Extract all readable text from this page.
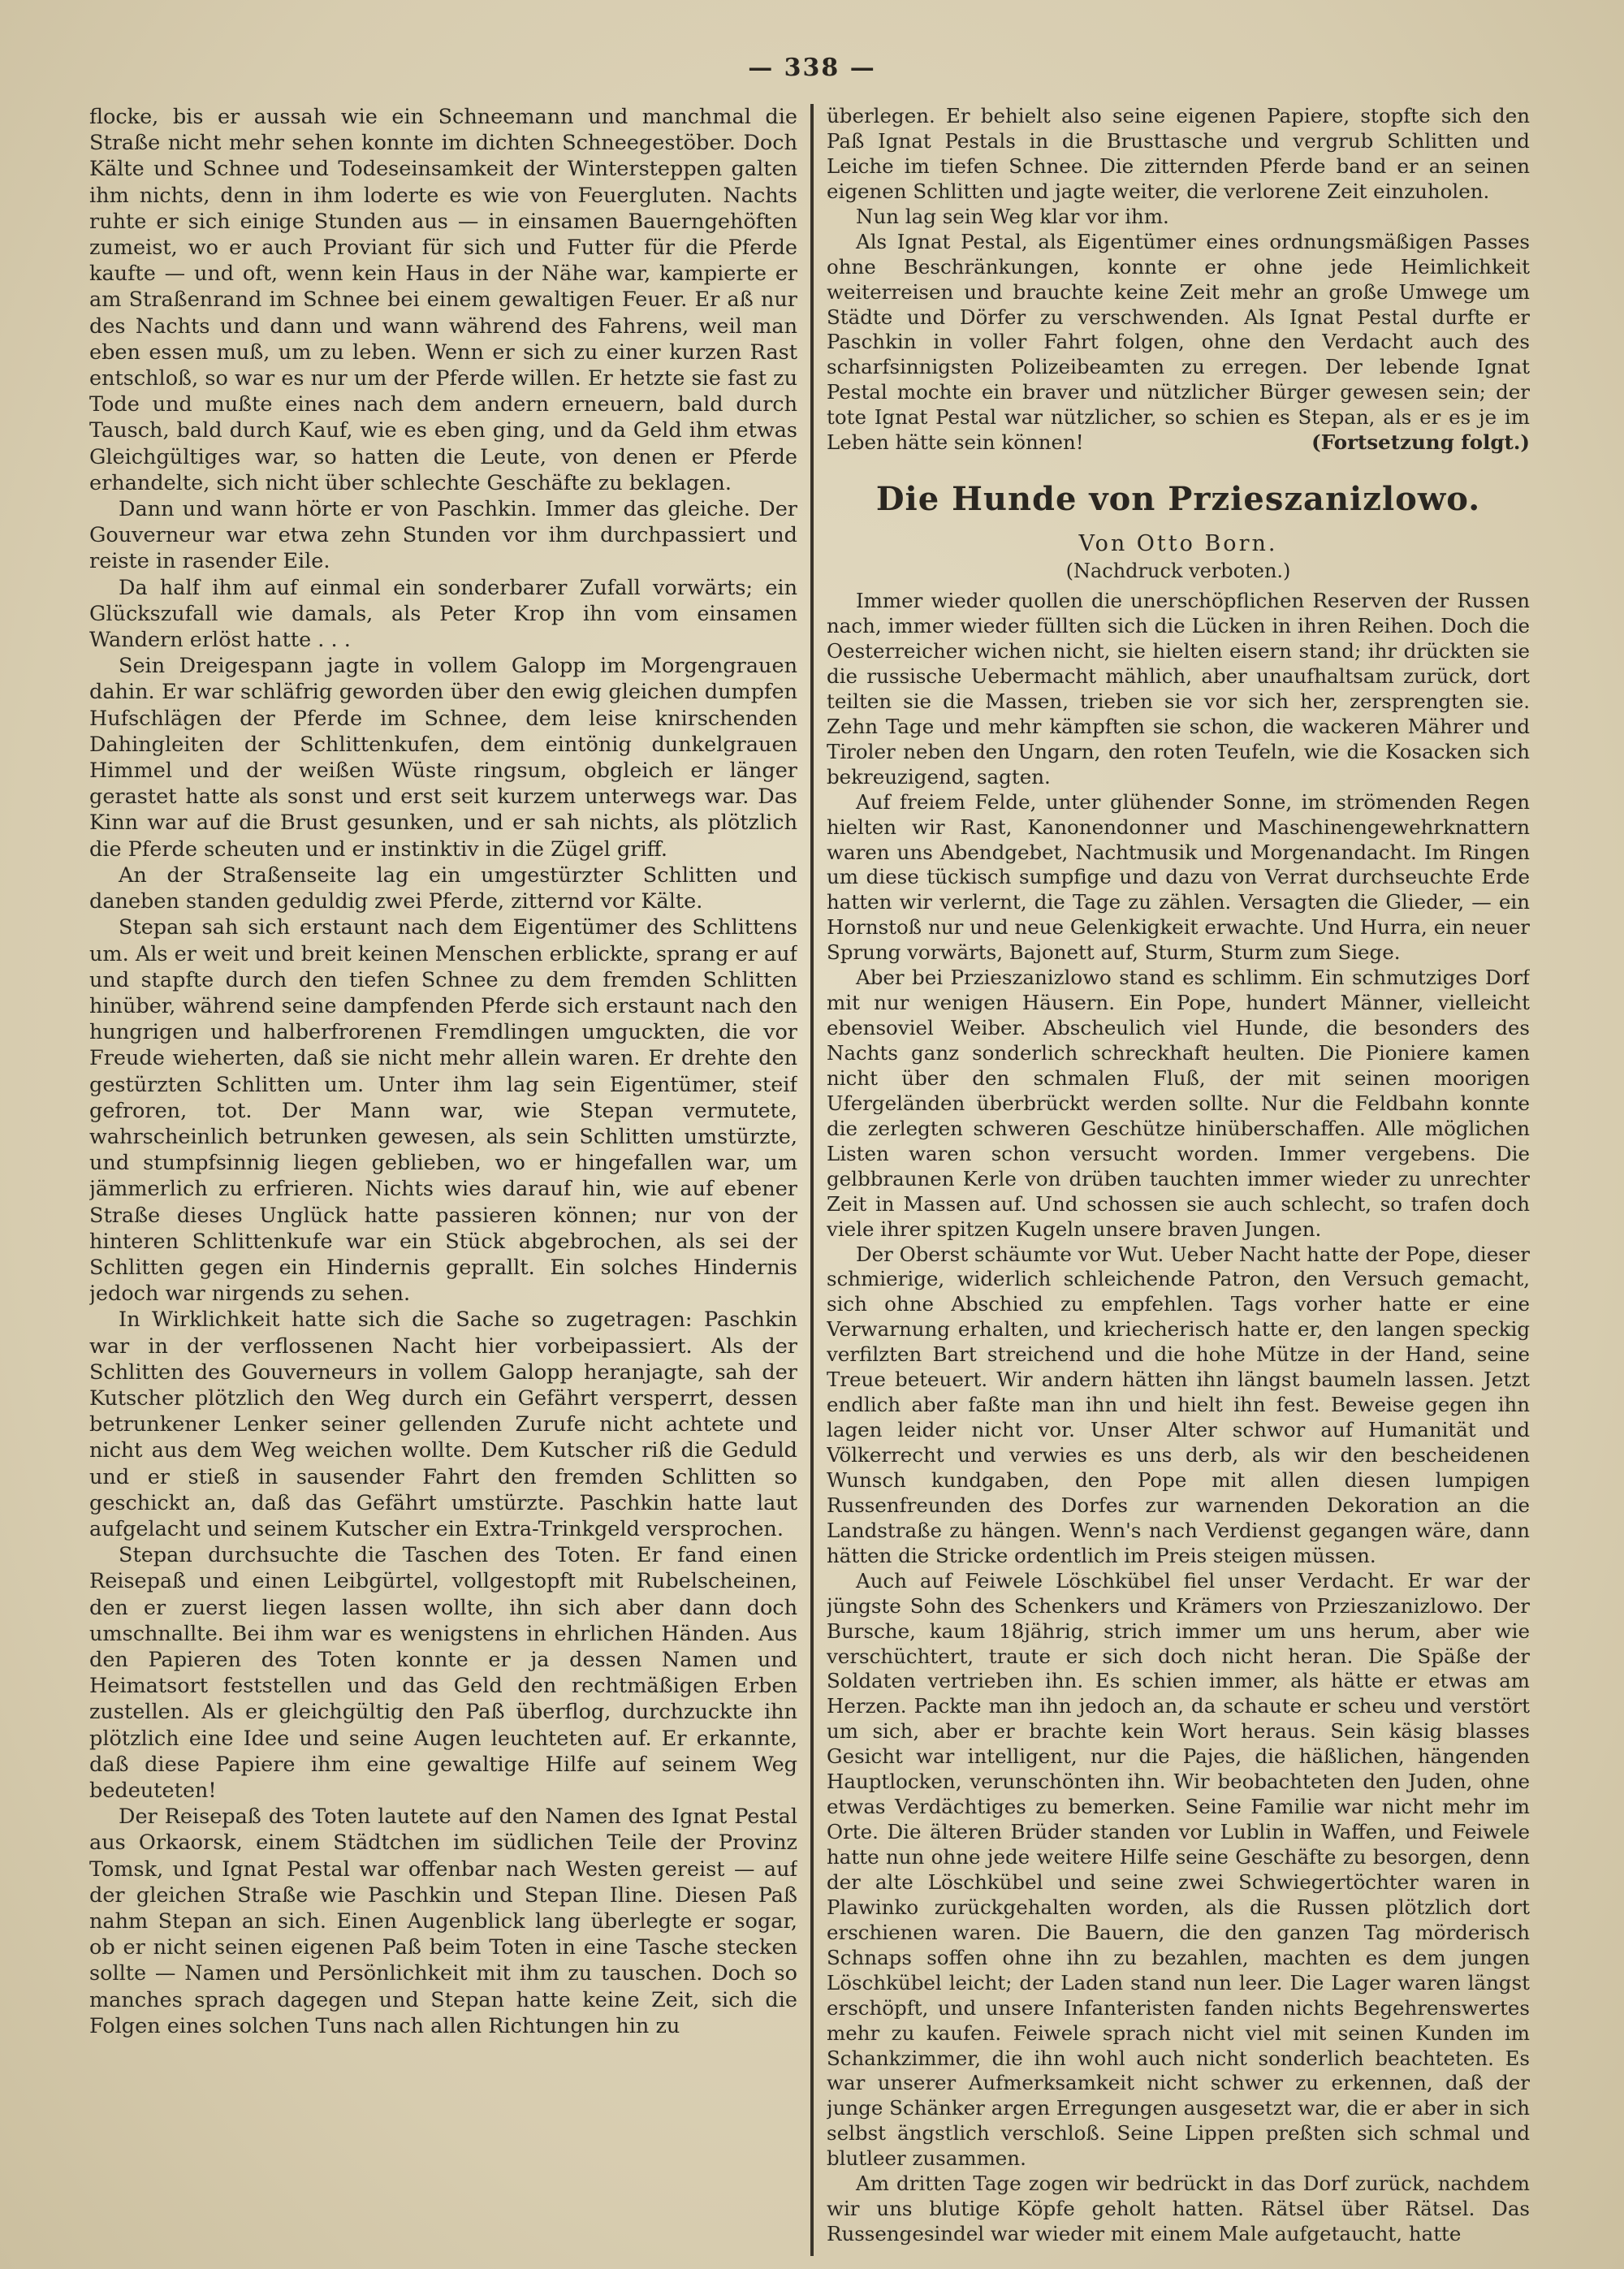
— 338 —

flocke, bis er aussah wie ein Schneemann und manchmal die Straße nicht mehr sehen konnte im dichten Schneegestöber. Doch Kälte und Schnee und Todeseinsamkeit der Wintersteppen galten ihm nichts, denn in ihm loderte es wie von Feuergluten. Nachts ruhte er sich einige Stunden aus — in einsamen Bauerngehöften zumeist, wo er auch Proviant für sich und Futter für die Pferde kaufte — und oft, wenn kein Haus in der Nähe war, kampierte er am Straßenrand im Schnee bei einem gewaltigen Feuer. Er aß nur des Nachts und dann und wann während des Fahrens, weil man eben essen muß, um zu leben. Wenn er sich zu einer kurzen Rast entschloß, so war es nur um der Pferde willen. Er hetzte sie fast zu Tode und mußte eines nach dem andern erneuern, bald durch Tausch, bald durch Kauf, wie es eben ging, und da Geld ihm etwas Gleichgültiges war, so hatten die Leute, von denen er Pferde erhandelte, sich nicht über schlechte Geschäfte zu beklagen.

Dann und wann hörte er von Paschkin. Immer das gleiche. Der Gouverneur war etwa zehn Stunden vor ihm durchpassiert und reiste in rasender Eile.

Da half ihm auf einmal ein sonderbarer Zufall vorwärts; ein Glückszufall wie damals, als Peter Krop ihn vom einsamen Wandern erlöst hatte . . .

Sein Dreigespann jagte in vollem Galopp im Morgengrauen dahin. Er war schläfrig geworden über den ewig gleichen dumpfen Hufschlägen der Pferde im Schnee, dem leise knirschenden Dahingleiten der Schlittenkufen, dem eintönig dunkelgrauen Himmel und der weißen Wüste ringsum, obgleich er länger gerastet hatte als sonst und erst seit kurzem unterwegs war. Das Kinn war auf die Brust gesunken, und er sah nichts, als plötzlich die Pferde scheuten und er instinktiv in die Zügel griff.

An der Straßenseite lag ein umgestürzter Schlitten und daneben standen geduldig zwei Pferde, zitternd vor Kälte.

Stepan sah sich erstaunt nach dem Eigentümer des Schlittens um. Als er weit und breit keinen Menschen erblickte, sprang er auf und stapfte durch den tiefen Schnee zu dem fremden Schlitten hinüber, während seine dampfenden Pferde sich erstaunt nach den hungrigen und halberfrorenen Fremdlingen umguckten, die vor Freude wieherten, daß sie nicht mehr allein waren. Er drehte den gestürzten Schlitten um. Unter ihm lag sein Eigentümer, steif gefroren, tot. Der Mann war, wie Stepan vermutete, wahrscheinlich betrunken gewesen, als sein Schlitten umstürzte, und stumpfsinnig liegen geblieben, wo er hingefallen war, um jämmerlich zu erfrieren. Nichts wies darauf hin, wie auf ebener Straße dieses Unglück hatte passieren können; nur von der hinteren Schlittenkufe war ein Stück abgebrochen, als sei der Schlitten gegen ein Hindernis geprallt. Ein solches Hindernis jedoch war nirgends zu sehen.

In Wirklichkeit hatte sich die Sache so zugetragen: Paschkin war in der verflossenen Nacht hier vorbeipassiert. Als der Schlitten des Gouverneurs in vollem Galopp heranjagte, sah der Kutscher plötzlich den Weg durch ein Gefährt versperrt, dessen betrunkener Lenker seiner gellenden Zurufe nicht achtete und nicht aus dem Weg weichen wollte. Dem Kutscher riß die Geduld und er stieß in sausender Fahrt den fremden Schlitten so geschickt an, daß das Gefährt umstürzte. Paschkin hatte laut aufgelacht und seinem Kutscher ein Extra-Trinkgeld versprochen.

Stepan durchsuchte die Taschen des Toten. Er fand einen Reisepaß und einen Leibgürtel, vollgestopft mit Rubelscheinen, den er zuerst liegen lassen wollte, ihn sich aber dann doch umschnallte. Bei ihm war es wenigstens in ehrlichen Händen. Aus den Papieren des Toten konnte er ja dessen Namen und Heimatsort feststellen und das Geld den rechtmäßigen Erben zustellen. Als er gleichgültig den Paß überflog, durchzuckte ihn plötzlich eine Idee und seine Augen leuchteten auf. Er erkannte, daß diese Papiere ihm eine gewaltige Hilfe auf seinem Weg bedeuteten!

Der Reisepaß des Toten lautete auf den Namen des Ignat Pestal aus Orkaorsk, einem Städtchen im südlichen Teile der Provinz Tomsk, und Ignat Pestal war offenbar nach Westen gereist — auf der gleichen Straße wie Paschkin und Stepan Iline. Diesen Paß nahm Stepan an sich. Einen Augenblick lang überlegte er sogar, ob er nicht seinen eigenen Paß beim Toten in eine Tasche stecken sollte — Namen und Persönlichkeit mit ihm zu tauschen. Doch so manches sprach dagegen und Stepan hatte keine Zeit, sich die Folgen eines solchen Tuns nach allen Richtungen hin zu

überlegen. Er behielt also seine eigenen Papiere, stopfte sich den Paß Ignat Pestals in die Brusttasche und vergrub Schlitten und Leiche im tiefen Schnee. Die zitternden Pferde band er an seinen eigenen Schlitten und jagte weiter, die verlorene Zeit einzuholen.

Nun lag sein Weg klar vor ihm.

Als Ignat Pestal, als Eigentümer eines ordnungsmäßigen Passes ohne Beschränkungen, konnte er ohne jede Heimlichkeit weiterreisen und brauchte keine Zeit mehr an große Umwege um Städte und Dörfer zu verschwenden. Als Ignat Pestal durfte er Paschkin in voller Fahrt folgen, ohne den Verdacht auch des scharfsinnigsten Polizeibeamten zu erregen. Der lebende Ignat Pestal mochte ein braver und nützlicher Bürger gewesen sein; der tote Ignat Pestal war nützlicher, so schien es Stepan, als er es je im Leben hätte sein können!	(Fortsetzung folgt.)

Die Hunde von Przieszanizlowo.
Von Otto Born.
(Nachdruck verboten.)

Immer wieder quollen die unerschöpflichen Reserven der Russen nach, immer wieder füllten sich die Lücken in ihren Reihen. Doch die Oesterreicher wichen nicht, sie hielten eisern stand; ihr drückten sie die russische Uebermacht mählich, aber unaufhaltsam zurück, dort teilten sie die Massen, trieben sie vor sich her, zersprengten sie. Zehn Tage und mehr kämpften sie schon, die wackeren Mährer und Tiroler neben den Ungarn, den roten Teufeln, wie die Kosacken sich bekreuzigend, sagten.

Auf freiem Felde, unter glühender Sonne, im strömenden Regen hielten wir Rast, Kanonendonner und Maschinengewehrknattern waren uns Abendgebet, Nachtmusik und Morgenandacht. Im Ringen um diese tückisch sumpfige und dazu von Verrat durchseuchte Erde hatten wir verlernt, die Tage zu zählen. Versagten die Glieder, — ein Hornstoß nur und neue Gelenkigkeit erwachte. Und Hurra, ein neuer Sprung vorwärts, Bajonett auf, Sturm, Sturm zum Siege.

Aber bei Przieszanizlowo stand es schlimm. Ein schmutziges Dorf mit nur wenigen Häusern. Ein Pope, hundert Männer, vielleicht ebensoviel Weiber. Abscheulich viel Hunde, die besonders des Nachts ganz sonderlich schreckhaft heulten. Die Pioniere kamen nicht über den schmalen Fluß, der mit seinen moorigen Ufergeländen überbrückt werden sollte. Nur die Feldbahn konnte die zerlegten schweren Geschütze hinüberschaffen. Alle möglichen Listen waren schon versucht worden. Immer vergebens. Die gelbbraunen Kerle von drüben tauchten immer wieder zu unrechter Zeit in Massen auf. Und schossen sie auch schlecht, so trafen doch viele ihrer spitzen Kugeln unsere braven Jungen.

Der Oberst schäumte vor Wut. Ueber Nacht hatte der Pope, dieser schmierige, widerlich schleichende Patron, den Versuch gemacht, sich ohne Abschied zu empfehlen. Tags vorher hatte er eine Verwarnung erhalten, und kriecherisch hatte er, den langen speckig verfilzten Bart streichend und die hohe Mütze in der Hand, seine Treue beteuert. Wir andern hätten ihn längst baumeln lassen. Jetzt endlich aber faßte man ihn und hielt ihn fest. Beweise gegen ihn lagen leider nicht vor. Unser Alter schwor auf Humanität und Völkerrecht und verwies es uns derb, als wir den bescheidenen Wunsch kundgaben, den Pope mit allen diesen lumpigen Russenfreunden des Dorfes zur warnenden Dekoration an die Landstraße zu hängen. Wenn's nach Verdienst gegangen wäre, dann hätten die Stricke ordentlich im Preis steigen müssen.

Auch auf Feiwele Löschkübel fiel unser Verdacht. Er war der jüngste Sohn des Schenkers und Krämers von Przieszanizlowo. Der Bursche, kaum 18jährig, strich immer um uns herum, aber wie verschüchtert, traute er sich doch nicht heran. Die Späße der Soldaten vertrieben ihn. Es schien immer, als hätte er etwas am Herzen. Packte man ihn jedoch an, da schaute er scheu und verstört um sich, aber er brachte kein Wort heraus. Sein käsig blasses Gesicht war intelligent, nur die Pajes, die häßlichen, hängenden Hauptlocken, verunschönten ihn. Wir beobachteten den Juden, ohne etwas Verdächtiges zu bemerken. Seine Familie war nicht mehr im Orte. Die älteren Brüder standen vor Lublin in Waffen, und Feiwele hatte nun ohne jede weitere Hilfe seine Geschäfte zu besorgen, denn der alte Löschkübel und seine zwei Schwiegertöchter waren in Plawinko zurückgehalten worden, als die Russen plötzlich dort erschienen waren. Die Bauern, die den ganzen Tag mörderisch Schnaps soffen ohne ihn zu bezahlen, machten es dem jungen Löschkübel leicht; der Laden stand nun leer. Die Lager waren längst erschöpft, und unsere Infanteristen fanden nichts Begehrenswertes mehr zu kaufen. Feiwele sprach nicht viel mit seinen Kunden im Schankzimmer, die ihn wohl auch nicht sonderlich beachteten. Es war unserer Aufmerksamkeit nicht schwer zu erkennen, daß der junge Schänker argen Erregungen ausgesetzt war, die er aber in sich selbst ängstlich verschloß. Seine Lippen preßten sich schmal und blutleer zusammen.

Am dritten Tage zogen wir bedrückt in das Dorf zurück, nachdem wir uns blutige Köpfe geholt hatten. Rätsel über Rätsel. Das Russengesindel war wieder mit einem Male aufgetaucht, hatte
